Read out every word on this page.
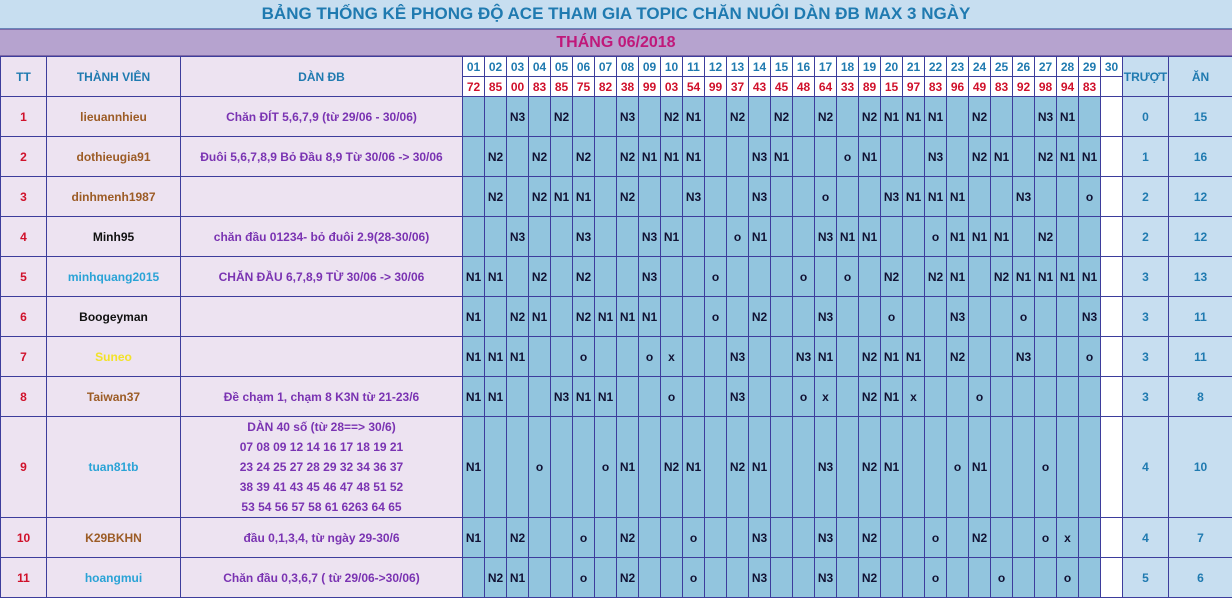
BẢNG THỐNG KÊ PHONG ĐỘ ACE THAM GIA TOPIC CHĂN NUÔI DÀN ĐB MAX 3 NGÀY
THÁNG 06/2018
TT	THÀNH VIÊN	DÀN ĐB	01	02	03	04	05	06	07	08	09	10	11	12	13	14	15	16	17	18	19	20	21	22	23	24	25	26	27	28	29	30	TRƯỢT	ĂN
			72	85	00	83	85	75	82	38	99	03	54	99	37	43	45	48	64	33	89	15	97	83	96	49	83	92	98	94	83			
1	lieuannhieu	Chăn ĐÍT 5,6,7,9 (từ 29/06 - 30/06)			N3		N2			N3		N2	N1		N2		N2		N2		N2	N1	N1	N1		N2			N3	N1			0	15
2	dothieugia91	Đuôi 5,6,7,8,9 Bỏ Đầu 8,9 Từ 30/06 -> 30/06		N2		N2		N2		N2	N1	N1	N1			N3	N1			o	N1			N3		N2	N1		N2	N1	N1		1	16
3	dinhmenh1987			N2		N2	N1	N1		N2			N3			N3			o			N3	N1	N1	N1			N3			o		2	12
4	Minh95	chăn đầu 01234- bỏ đuôi 2.9(28-30/06)			N3			N3			N3	N1			o	N1			N3	N1	N1			o	N1	N1	N1		N2				2	12
5	minhquang2015	CHĂN ĐẦU 6,7,8,9 TỪ 30/06 -> 30/06	N1	N1		N2		N2			N3			o				o		o		N2		N2	N1		N2	N1	N1	N1	N1		3	13
6	Boogeyman		N1		N2	N1		N2	N1	N1	N1			o		N2			N3			o			N3			o			N3		3	11
7	Suneo		N1	N1	N1			o			o	x			N3			N3	N1		N2	N1	N1		N2			N3			o		3	11
8	Taiwan37	Đề chạm 1, chạm 8 K3N từ 21-23/6	N1	N1			N3	N1	N1			o			N3			o	x		N2	N1	x			o							3	8
9	tuan81tb	DÀN 40 số (từ 28==> 30/6)
07 08 09 12 14 16 17 18 19 21
23 24 25 27 28 29 32 34 36 37
38 39 41 43 45 46 47 48 51 52
53 54 56 57 58 61 6263 64 65	N1			o			o	N1		N2	N1		N2	N1			N3		N2	N1			o	N1			o				4	10
10	K29BKHN	đầu 0,1,3,4, từ ngày 29-30/6	N1		N2			o		N2			o			N3			N3		N2			o		N2			o	x			4	7
11	hoangmui	Chăn đầu 0,3,6,7 ( từ 29/06->30/06)		N2	N1			o		N2			o			N3			N3		N2			o			o			o			5	6
